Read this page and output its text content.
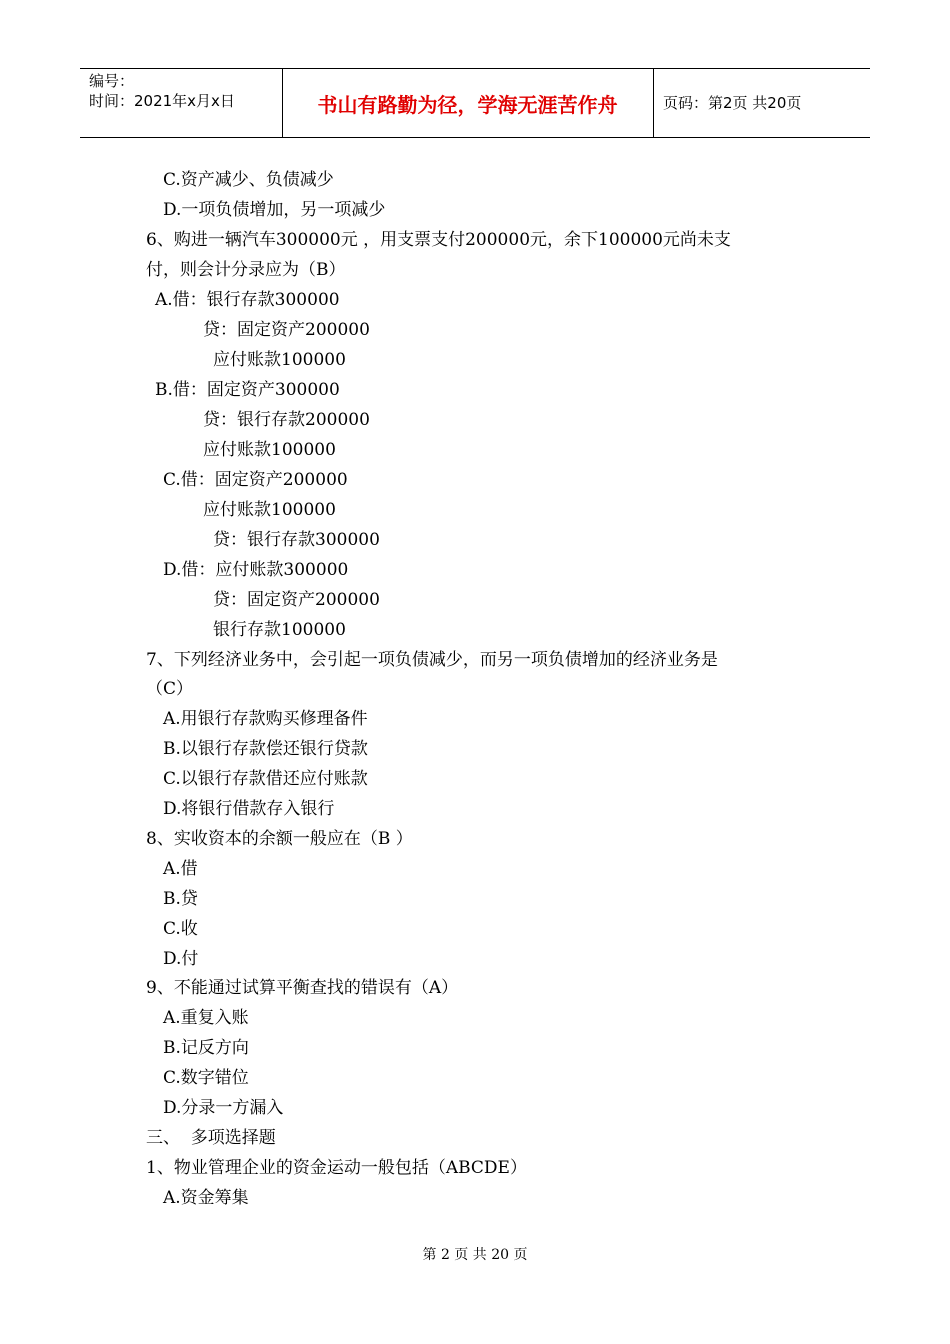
编号：
时间：2021年x月x日	书山有路勤为径，学海无涯苦作舟	页码：第2页 共20页
C.资产减少、负债减少
D.一项负债增加，另一项减少
6、购进一辆汽车300000元 ，用支票支付200000元，余下100000元尚未支
付，则会计分录应为（B）
A.借：银行存款300000
贷：固定资产200000
应付账款100000
B.借：固定资产300000
贷：银行存款200000
应付账款100000
C.借：固定资产200000
应付账款100000
贷：银行存款300000
D.借：应付账款300000
贷：固定资产200000
银行存款100000
7、下列经济业务中，会引起一项负债减少，而另一项负债增加的经济业务是
（C）
A.用银行存款购买修理备件
B.以银行存款偿还银行贷款
C.以银行存款借还应付账款
D.将银行借款存入银行
8、实收资本的余额一般应在（B ）
A.借
B.贷
C.收
D.付
9、不能通过试算平衡查找的错误有（A）
A.重复入账
B.记反方向
C.数字错位
D.分录一方漏入
三、  多项选择题
1、物业管理企业的资金运动一般包括（ABCDE）
A.资金筹集
第 2 页 共 20 页
